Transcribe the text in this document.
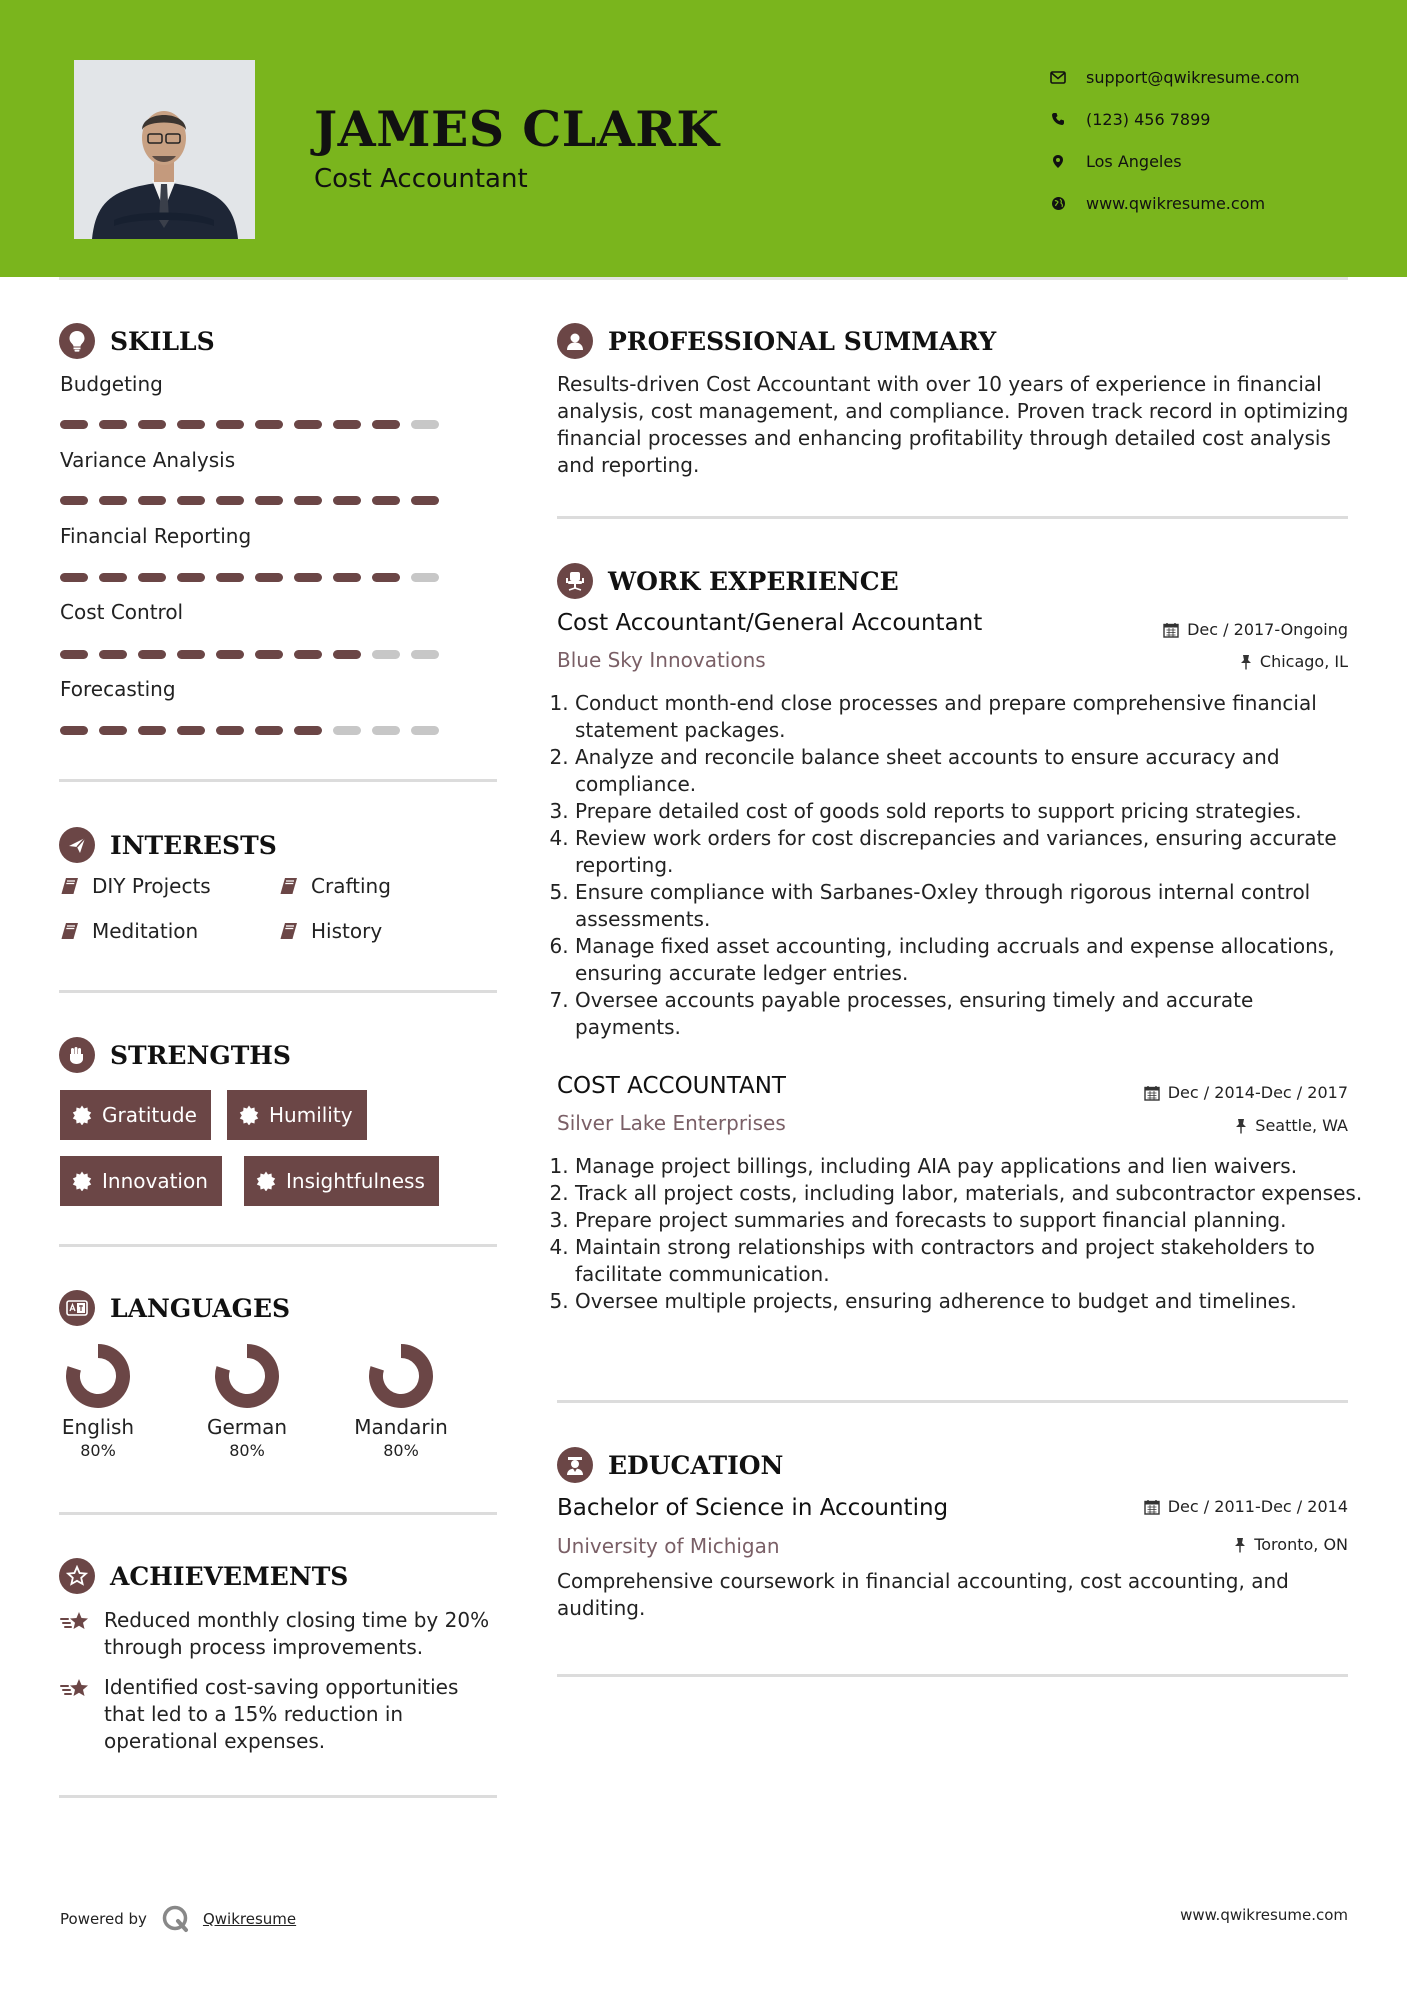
JAMES CLARK
Cost Accountant
support@qwikresume.com
(123) 456 7899
Los Angeles
www.qwikresume.com
SKILLS
Budgeting
Variance Analysis
Financial Reporting
Cost Control
Forecasting
INTERESTS
DIY Projects	Crafting
Meditation	History
STRENGTHS
Gratitude	Humility
Innovation	Insightfulness
LANGUAGES
English
80%
German
80%
Mandarin
80%
ACHIEVEMENTS
Reduced monthly closing time by 20% through process improvements.
Identified cost-saving opportunities that led to a 15% reduction in operational expenses.
PROFESSIONAL SUMMARY
Results-driven Cost Accountant with over 10 years of experience in financial analysis, cost management, and compliance. Proven track record in optimizing financial processes and enhancing profitability through detailed cost analysis and reporting.
WORK EXPERIENCE
Cost Accountant/General Accountant	Dec / 2017-Ongoing
Blue Sky Innovations	Chicago, IL
1. Conduct month-end close processes and prepare comprehensive financial statement packages.
2. Analyze and reconcile balance sheet accounts to ensure accuracy and compliance.
3. Prepare detailed cost of goods sold reports to support pricing strategies.
4. Review work orders for cost discrepancies and variances, ensuring accurate reporting.
5. Ensure compliance with Sarbanes-Oxley through rigorous internal control assessments.
6. Manage fixed asset accounting, including accruals and expense allocations, ensuring accurate ledger entries.
7. Oversee accounts payable processes, ensuring timely and accurate payments.
COST ACCOUNTANT	Dec / 2014-Dec / 2017
Silver Lake Enterprises	Seattle, WA
1. Manage project billings, including AIA pay applications and lien waivers.
2. Track all project costs, including labor, materials, and subcontractor expenses.
3. Prepare project summaries and forecasts to support financial planning.
4. Maintain strong relationships with contractors and project stakeholders to facilitate communication.
5. Oversee multiple projects, ensuring adherence to budget and timelines.
EDUCATION
Bachelor of Science in Accounting	Dec / 2011-Dec / 2014
University of Michigan	Toronto, ON
Comprehensive coursework in financial accounting, cost accounting, and auditing.
Powered by	Qwikresume	www.qwikresume.com
